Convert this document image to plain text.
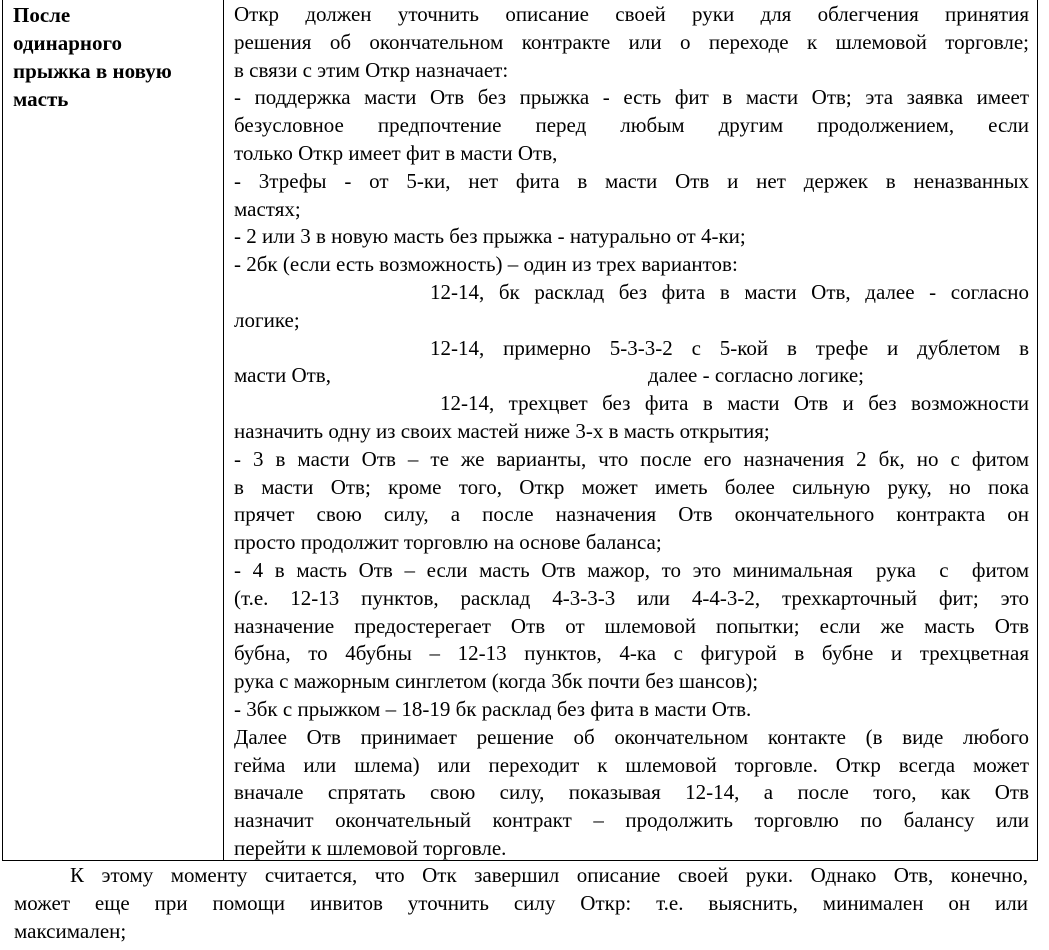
После
одинарного
прыжка в новую
масть
Откр должен уточнить описание своей руки для облегчения принятия
решения об окончательном контракте или о переходе к шлемовой торговле;
в связи с этим Откр назначает:
- поддержка масти Отв без прыжка - есть фит в масти Отв; эта заявка имеет
безусловное предпочтение перед любым другим продолжением, если
только Откр имеет фит в масти Отв,
- 3трефы - от 5-ки, нет фита в масти Отв и нет держек в неназванных
мастях;
- 2 или 3 в новую масть без прыжка - натурально от 4-ки;
- 2бк (если есть возможность) – один из трех вариантов:
12-14, бк расклад без фита в масти Отв, далее - согласно
логике;
12-14, примерно 5-3-3-2 с 5-кой в трефе и дублетом в
масти Отв,	далее - согласно логике;
12-14, трехцвет без фита в масти Отв и без возможности
назначить одну из своих мастей ниже 3-х в масть открытия;
- 3 в масти Отв – те же варианты, что после его назначения 2 бк, но с фитом
в масти Отв; кроме того, Откр может иметь более сильную руку, но пока
прячет свою силу, а после назначения Отв окончательного контракта он
просто продолжит торговлю на основе баланса;
- 4 в масть Отв – если масть Отв мажор, то это минимальная  рука  с  фитом
(т.е. 12-13 пунктов, расклад 4-3-3-3 или 4-4-3-2, трехкарточный фит; это
назначение предостерегает Отв от шлемовой попытки; если же масть Отв
бубна, то 4бубны – 12-13 пунктов, 4-ка с фигурой в бубне и трехцветная
рука с мажорным синглетом (когда 3бк почти без шансов);
- 3бк с прыжком – 18-19 бк расклад без фита в масти Отв.
Далее Отв принимает решение об окончательном контакте (в виде любого
гейма или шлема) или переходит к шлемовой торговле. Откр всегда может
вначале спрятать свою силу, показывая 12-14, а после того, как Отв
назначит окончательный контракт – продолжить торговлю по балансу или
перейти к шлемовой торговле.
К этому моменту считается, что Отк завершил описание своей руки. Однако Отв, конечно,
может еще при помощи инвитов уточнить силу Откр: т.е. выяснить, минимален он или
максимален;
